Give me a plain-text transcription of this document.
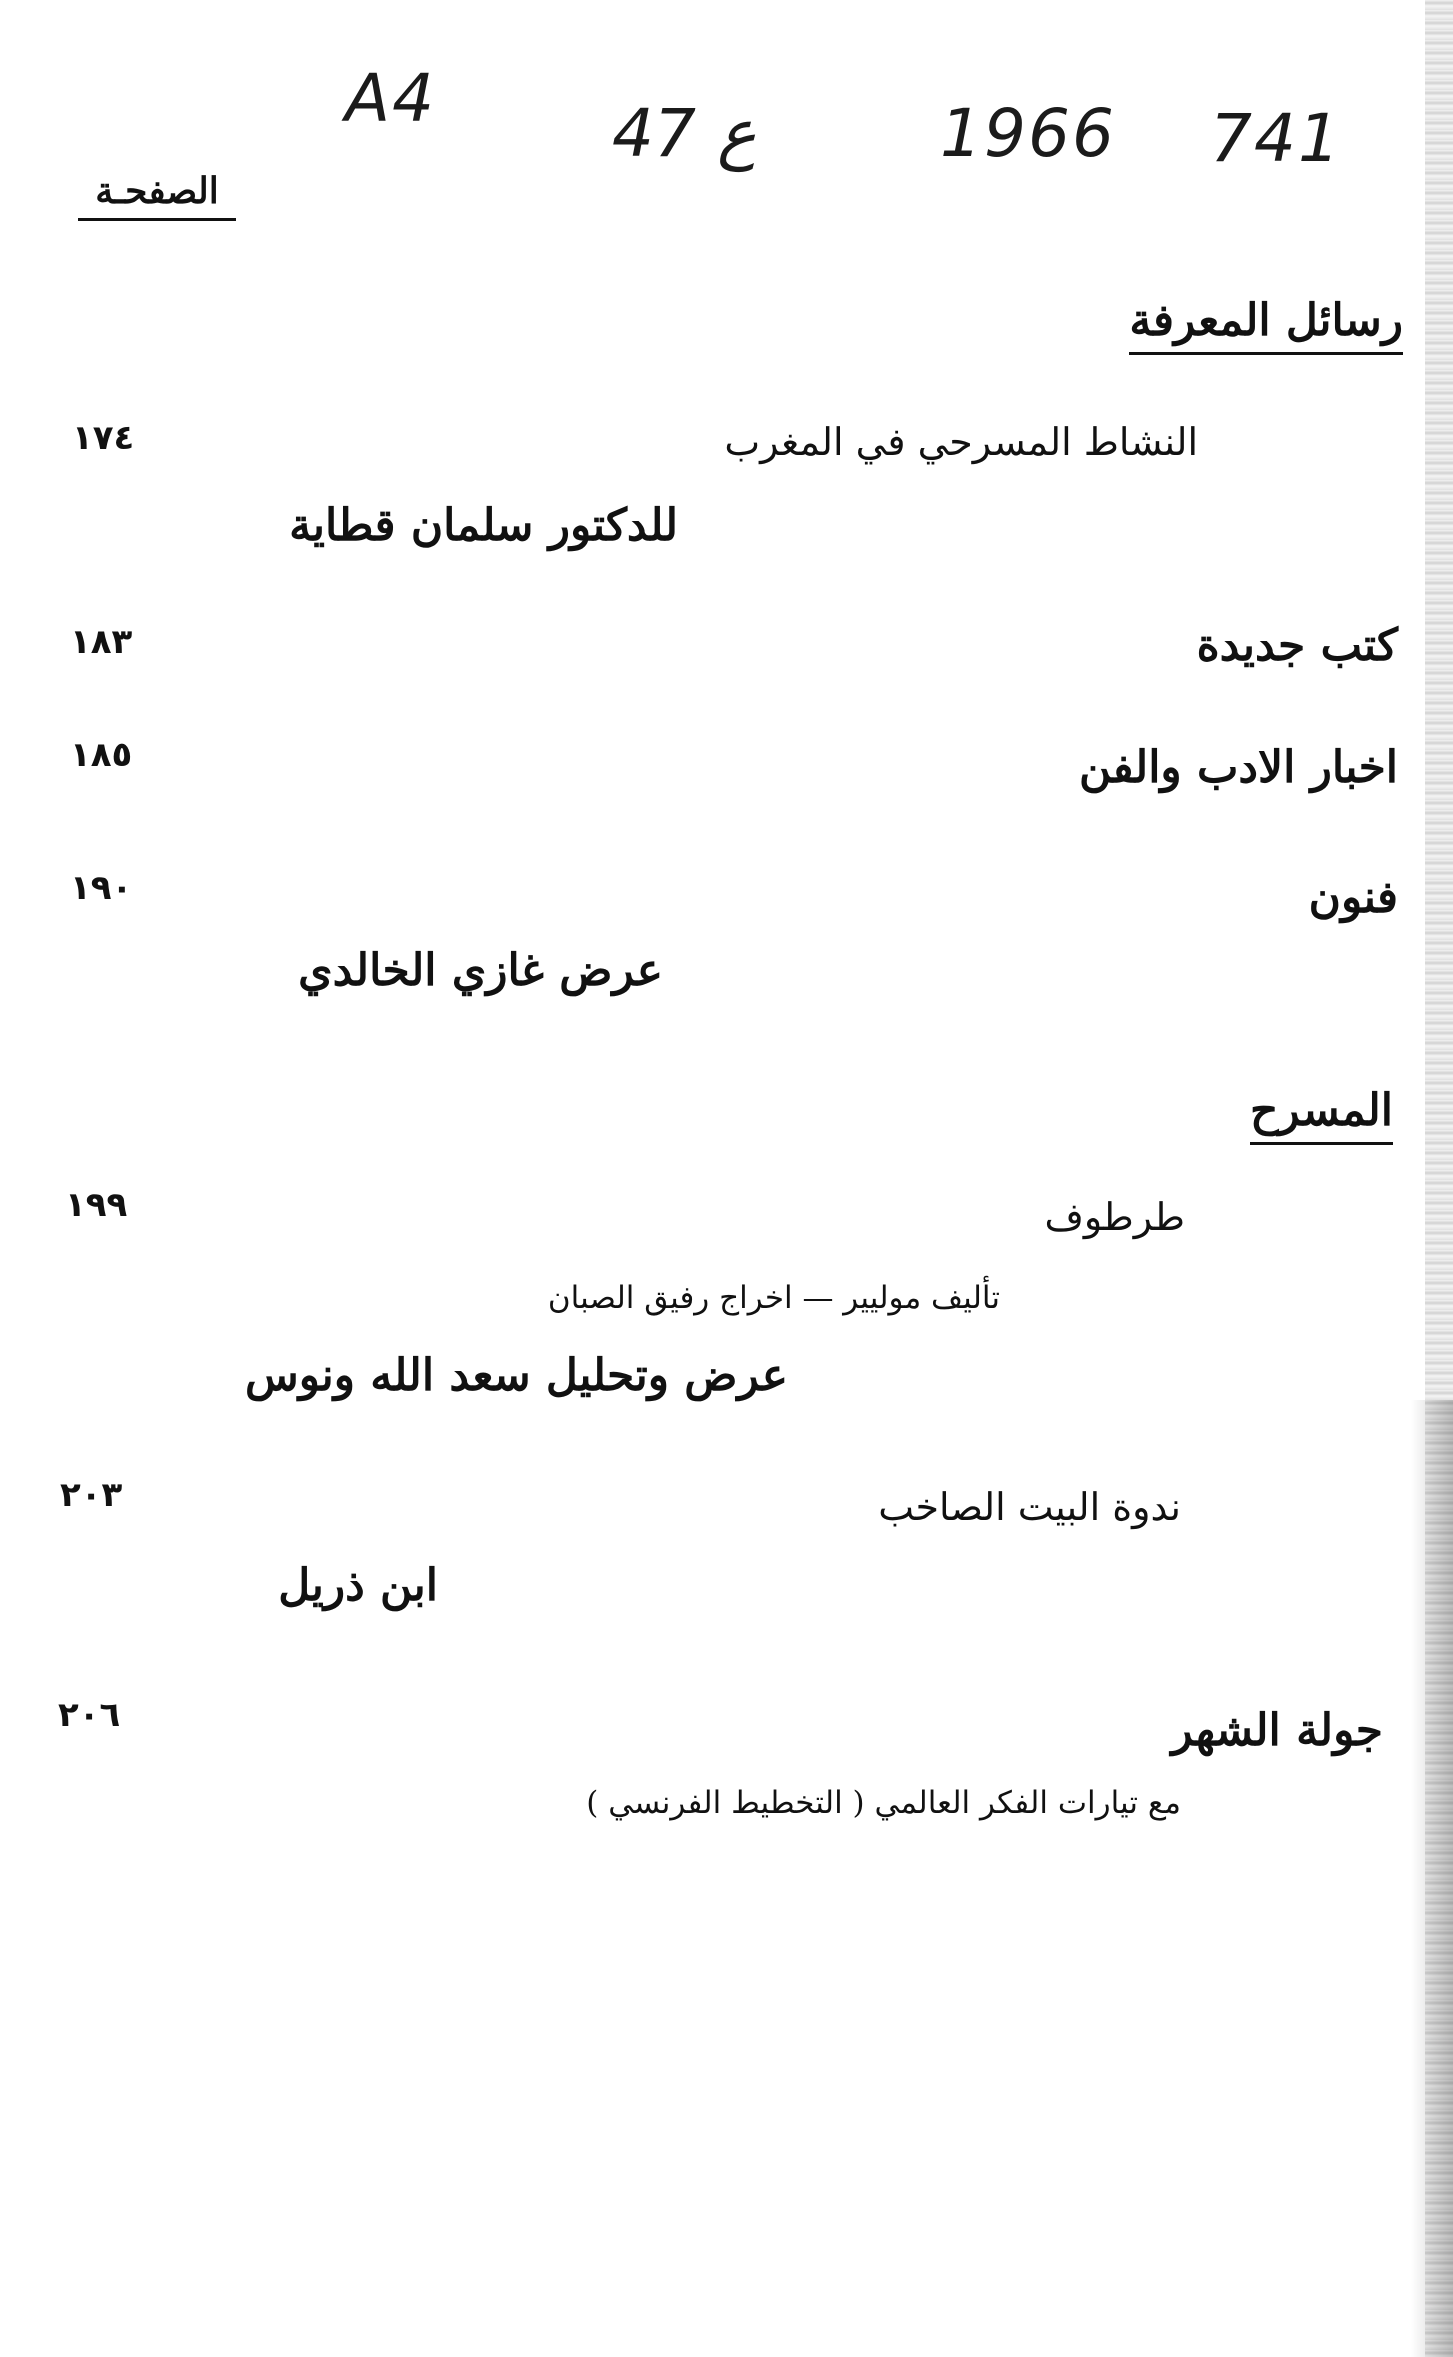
A4	47 ع	1966 741
الصفحـة
رسائل المعرفة
١٧٤	النشاط المسرحي في المغرب
للدكتور سلمان قطاية
١٨٣	كتب جديدة
١٨٥	اخبار الادب والفن
١٩٠	فنون
عرض غازي الخالدي
المسرح
١٩٩	طرطوف
تأليف موليير — اخراج رفيق الصبان
عرض وتحليل سعد الله ونوس
٢٠٣	ندوة البيت الصاخب
ابن ذريل
٢٠٦	جولة الشهر
مع تيارات الفكر العالمي ( التخطيط الفرنسي )
